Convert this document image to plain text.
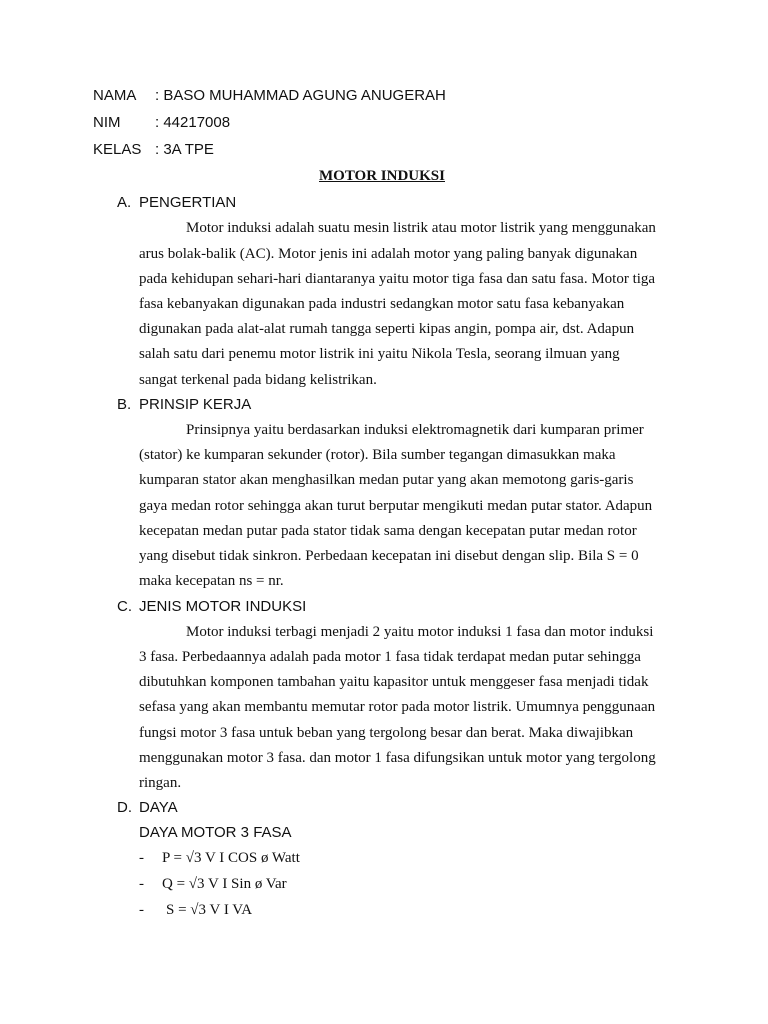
NAMA : BASO MUHAMMAD AGUNG ANUGERAH
NIM : 44217008
KELAS : 3A TPE
MOTOR INDUKSI
A. PENGERTIAN
Motor induksi adalah suatu mesin listrik atau motor listrik yang menggunakan
arus bolak-balik (AC). Motor jenis ini adalah motor yang paling banyak digunakan
pada kehidupan sehari-hari diantaranya yaitu motor tiga fasa dan satu fasa. Motor tiga
fasa kebanyakan digunakan pada industri sedangkan motor satu fasa kebanyakan
digunakan pada alat-alat rumah tangga seperti kipas angin, pompa air, dst. Adapun
salah satu dari penemu motor listrik ini yaitu Nikola Tesla, seorang ilmuan yang
sangat terkenal pada bidang kelistrikan.
B. PRINSIP KERJA
Prinsipnya yaitu berdasarkan induksi elektromagnetik dari kumparan primer
(stator) ke kumparan sekunder (rotor). Bila sumber tegangan dimasukkan maka
kumparan stator akan menghasilkan medan putar yang akan memotong garis-garis
gaya medan rotor sehingga akan turut berputar mengikuti medan putar stator. Adapun
kecepatan medan putar pada stator tidak sama dengan kecepatan putar medan rotor
yang disebut tidak sinkron. Perbedaan kecepatan ini disebut dengan slip. Bila S = 0
maka kecepatan ns = nr.
C. JENIS MOTOR INDUKSI
Motor induksi terbagi menjadi 2 yaitu motor induksi 1 fasa dan motor induksi
3 fasa. Perbedaannya adalah pada motor 1 fasa tidak terdapat medan putar sehingga
dibutuhkan komponen tambahan yaitu kapasitor untuk menggeser fasa menjadi tidak
sefasa yang akan membantu memutar rotor pada motor listrik. Umumnya penggunaan
fungsi motor 3 fasa untuk beban yang tergolong besar dan berat. Maka diwajibkan
menggunakan motor 3 fasa. dan motor 1 fasa difungsikan untuk motor yang tergolong
ringan.
D. DAYA
DAYA MOTOR 3 FASA
- P = √3 V I COS ø Watt
- Q = √3 V I Sin ø Var
- S = √3 V I VA
